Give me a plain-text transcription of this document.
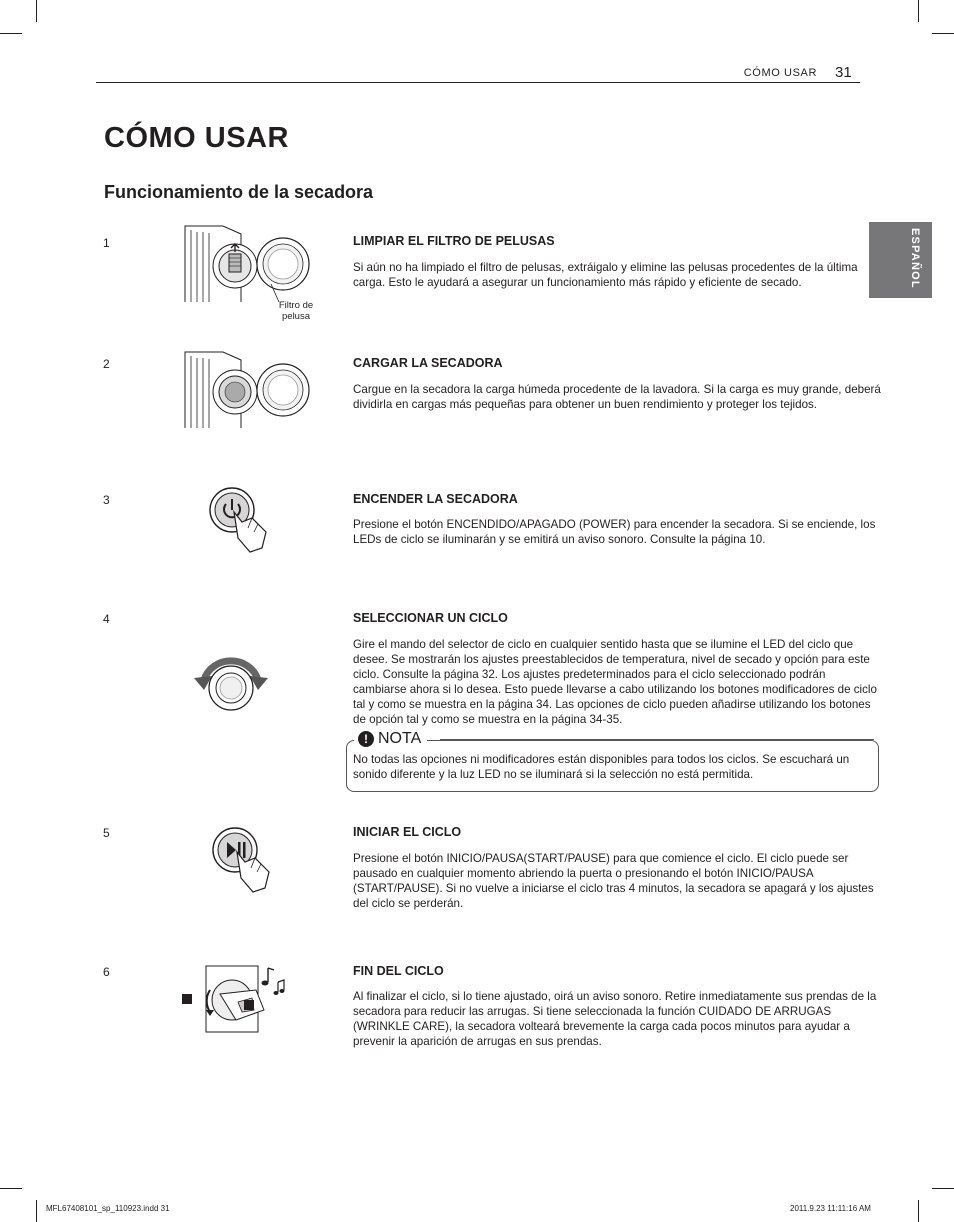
CÓMO USAR 31
CÓMO USAR
Funcionamiento de la secadora
ESPAÑOL
1
Filtro de pelusa
LIMPIAR EL FILTRO DE PELUSAS
Si aún no ha limpiado el filtro de pelusas, extráigalo y elimine las pelusas procedentes de la última carga. Esto le ayudará a asegurar un funcionamiento más rápido y eficiente de secado.
2	CARGAR LA SECADORA
Cargue en la secadora la carga húmeda procedente de la lavadora. Si la carga es muy grande, deberá dividirla en cargas más pequeñas para obtener un buen rendimiento y proteger los tejidos.
3	ENCENDER LA SECADORA
Presione el botón ENCENDIDO/APAGADO (POWER) para encender la secadora. Si se enciende, los LEDs de ciclo se iluminarán y se emitirá un aviso sonoro. Consulte la página 10.
4	SELECCIONAR UN CICLO
Gire el mando del selector de ciclo en cualquier sentido hasta que se ilumine el LED del ciclo que desee. Se mostrarán los ajustes preestablecidos de temperatura, nivel de secado y opción para este ciclo. Consulte la página 32. Los ajustes predeterminados para el ciclo seleccionado podrán cambiarse ahora si lo desea. Esto puede llevarse a cabo utilizando los botones modificadores de ciclo tal y como se muestra en la página 34. Las opciones de ciclo pueden añadirse utilizando los botones de opción tal y como se muestra en la página 34-35.
! NOTA
No todas las opciones ni modificadores están disponibles para todos los ciclos. Se escuchará un sonido diferente y la luz LED no se iluminará si la selección no está permitida.
5	INICIAR EL CICLO
Presione el botón INICIO/PAUSA(START/PAUSE) para que comience el ciclo. El ciclo puede ser pausado en cualquier momento abriendo la puerta o presionando el botón INICIO/PAUSA (START/PAUSE). Si no vuelve a iniciarse el ciclo tras 4 minutos, la secadora se apagará y los ajustes del ciclo se perderán.
6	FIN DEL CICLO
Al finalizar el ciclo, si lo tiene ajustado, oirá un aviso sonoro. Retire inmediatamente sus prendas de la secadora para reducir las arrugas. Si tiene seleccionada la función CUIDADO DE ARRUGAS (WRINKLE CARE), la secadora volteará brevemente la carga cada pocos minutos para ayudar a prevenir la aparición de arrugas en sus prendas.
MFL67408101_sp_110923.indd 31	2011.9.23 11:11:16 AM
